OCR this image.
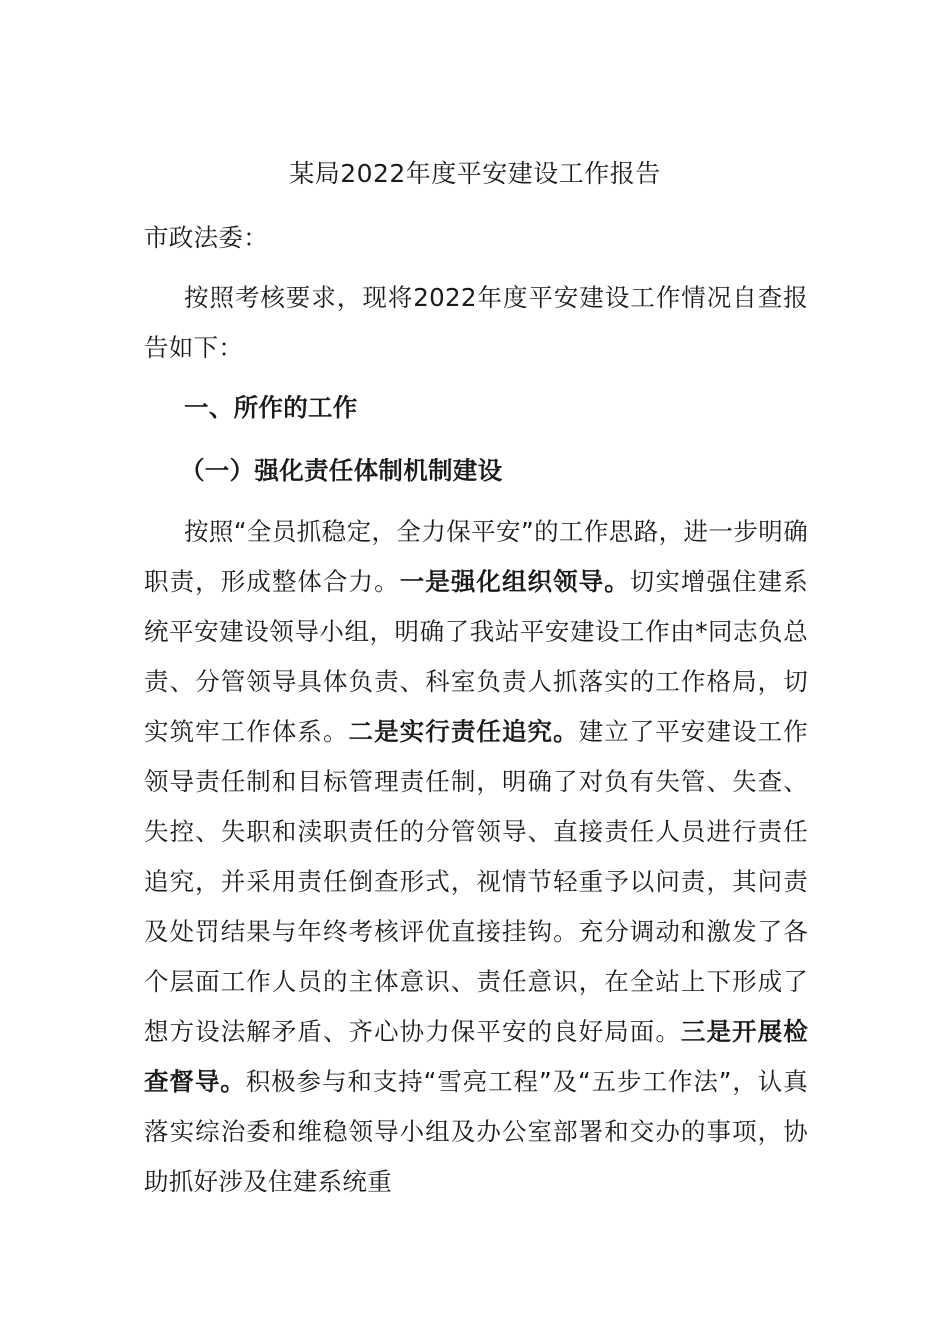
某局2022年度平安建设工作报告

市政法委：

按照考核要求，现将2022年度平安建设工作情况自查报告如下：

一、所作的工作

（一）强化责任体制机制建设

按照“全员抓稳定，全力保平安”的工作思路，进一步明确职责，形成整体合力。一是强化组织领导。切实增强住建系统平安建设领导小组，明确了我站平安建设工作由*同志负总责、分管领导具体负责、科室负责人抓落实的工作格局，切实筑牢工作体系。二是实行责任追究。建立了平安建设工作领导责任制和目标管理责任制，明确了对负有失管、失查、失控、失职和渎职责任的分管领导、直接责任人员进行责任追究，并采用责任倒查形式，视情节轻重予以问责，其问责及处罚结果与年终考核评优直接挂钩。充分调动和激发了各个层面工作人员的主体意识、责任意识，在全站上下形成了想方设法解矛盾、齐心协力保平安的良好局面。三是开展检查督导。积极参与和支持“雪亮工程”及“五步工作法”，认真落实综治委和维稳领导小组及办公室部署和交办的事项，协助抓好涉及住建系统重
